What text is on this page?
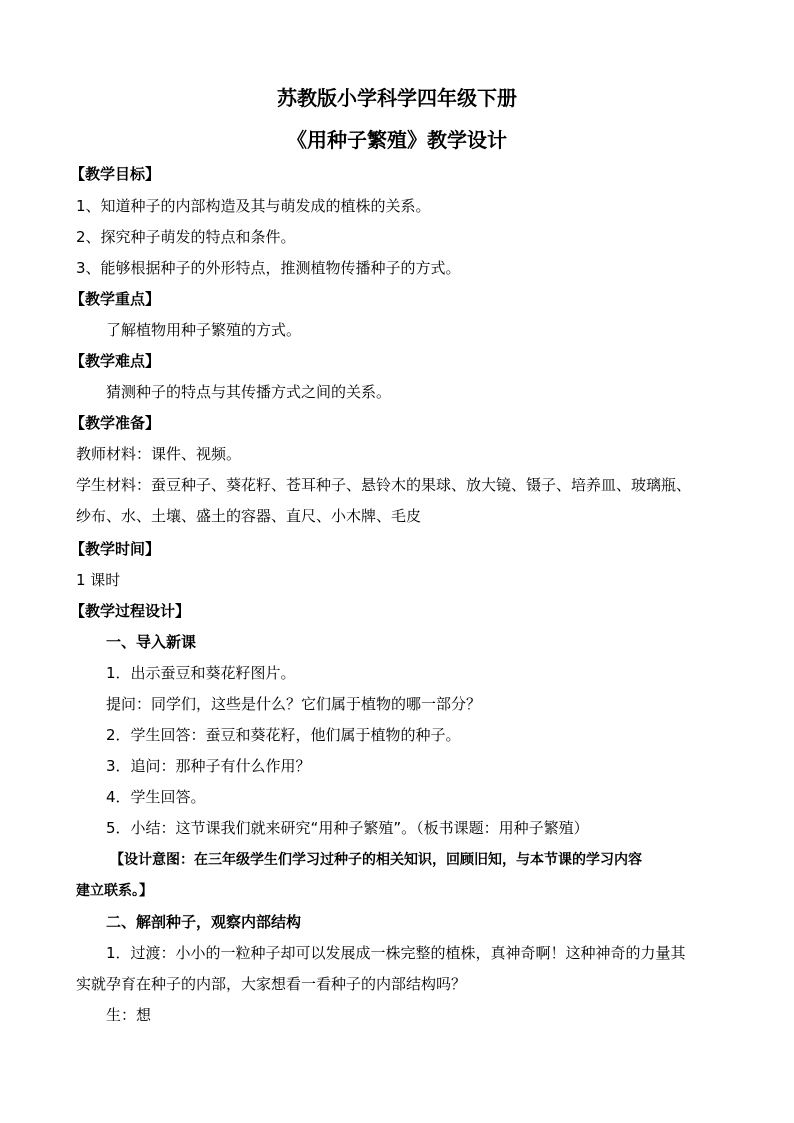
苏教版小学科学四年级下册
《用种子繁殖》教学设计
【教学目标】
1、知道种子的内部构造及其与萌发成的植株的关系。
2、探究种子萌发的特点和条件。
3、能够根据种子的外形特点，推测植物传播种子的方式。
【教学重点】
了解植物用种子繁殖的方式。
【教学难点】
猜测种子的特点与其传播方式之间的关系。
【教学准备】
教师材料：课件、视频。
学生材料：蚕豆种子、葵花籽、苍耳种子、悬铃木的果球、放大镜、镊子、培养皿、玻璃瓶、
纱布、水、土壤、盛土的容器、直尺、小木牌、毛皮
【教学时间】
1 课时
【教学过程设计】
一、导入新课
1．出示蚕豆和葵花籽图片。
提问：同学们，这些是什么？它们属于植物的哪一部分？
2．学生回答：蚕豆和葵花籽，他们属于植物的种子。
3．追问：那种子有什么作用？
4．学生回答。
5．小结：这节课我们就来研究“用种子繁殖”。（板书课题：用种子繁殖）
【设计意图：在三年级学生们学习过种子的相关知识，回顾旧知，与本节课的学习内容
建立联系。】
二、解剖种子，观察内部结构
1．过渡：小小的一粒种子却可以发展成一株完整的植株，真神奇啊！这种神奇的力量其
实就孕育在种子的内部，大家想看一看种子的内部结构吗？
生：想
